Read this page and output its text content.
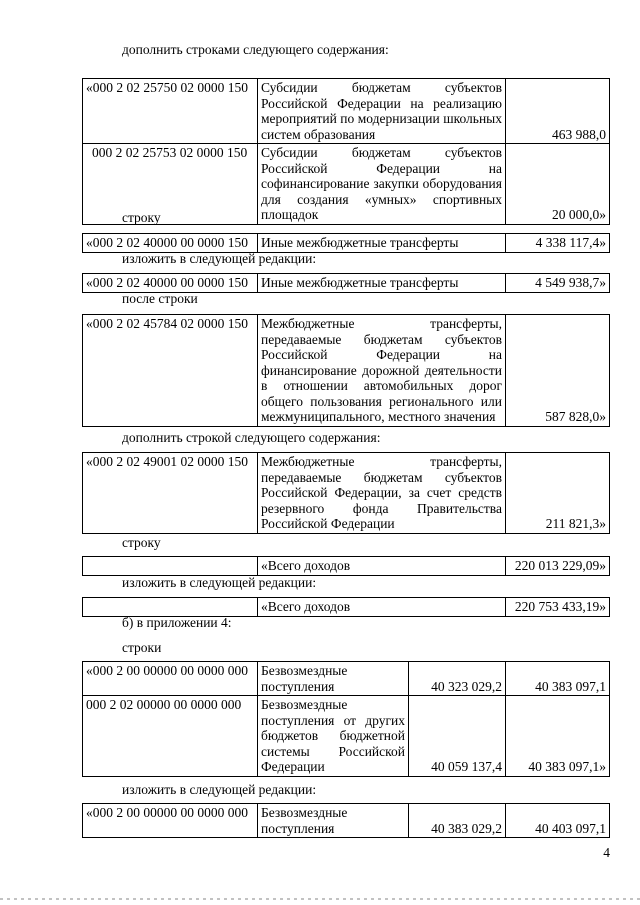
дополнить строками следующего содержания:
«000 2 02 25750 02 0000 150	Субсидии бюджетам субъектов Российской Федерации на реализацию мероприятий по модернизации школьных систем образования	463 988,0
000 2 02 25753 02 0000 150	Субсидии бюджетам субъектов Российской Федерации на софинансирование закупки оборудования для создания «умных» спортивных площадок	20 000,0»
строку
«000 2 02 40000 00 0000 150	Иные межбюджетные трансферты	4 338 117,4»
изложить в следующей редакции:
«000 2 02 40000 00 0000 150	Иные межбюджетные трансферты	4 549 938,7»
после строки
«000 2 02 45784 02 0000 150	Межбюджетные трансферты, передаваемые бюджетам субъектов Российской Федерации на финансирование дорожной деятельности в отношении автомобильных дорог общего пользования регионального или межмуниципального, местного значения	587 828,0»
дополнить строкой следующего содержания:
«000 2 02 49001 02 0000 150	Межбюджетные трансферты, передаваемые бюджетам субъектов Российской Федерации, за счет средств резервного фонда Правительства Российской Федерации	211 821,3»
строку
	«Всего доходов	220 013 229,09»
изложить в следующей редакции:
	«Всего доходов	220 753 433,19»
б) в приложении 4:
строки
«000 2 00 00000 00 0000 000	Безвозмездные поступления	40 323 029,2	40 383 097,1
000 2 02 00000 00 0000 000	Безвозмездные поступления от других бюджетов бюджетной системы Российской Федерации	40 059 137,4	40 383 097,1»
изложить в следующей редакции:
«000 2 00 00000 00 0000 000	Безвозмездные поступления	40 383 029,2	40 403 097,1
4
